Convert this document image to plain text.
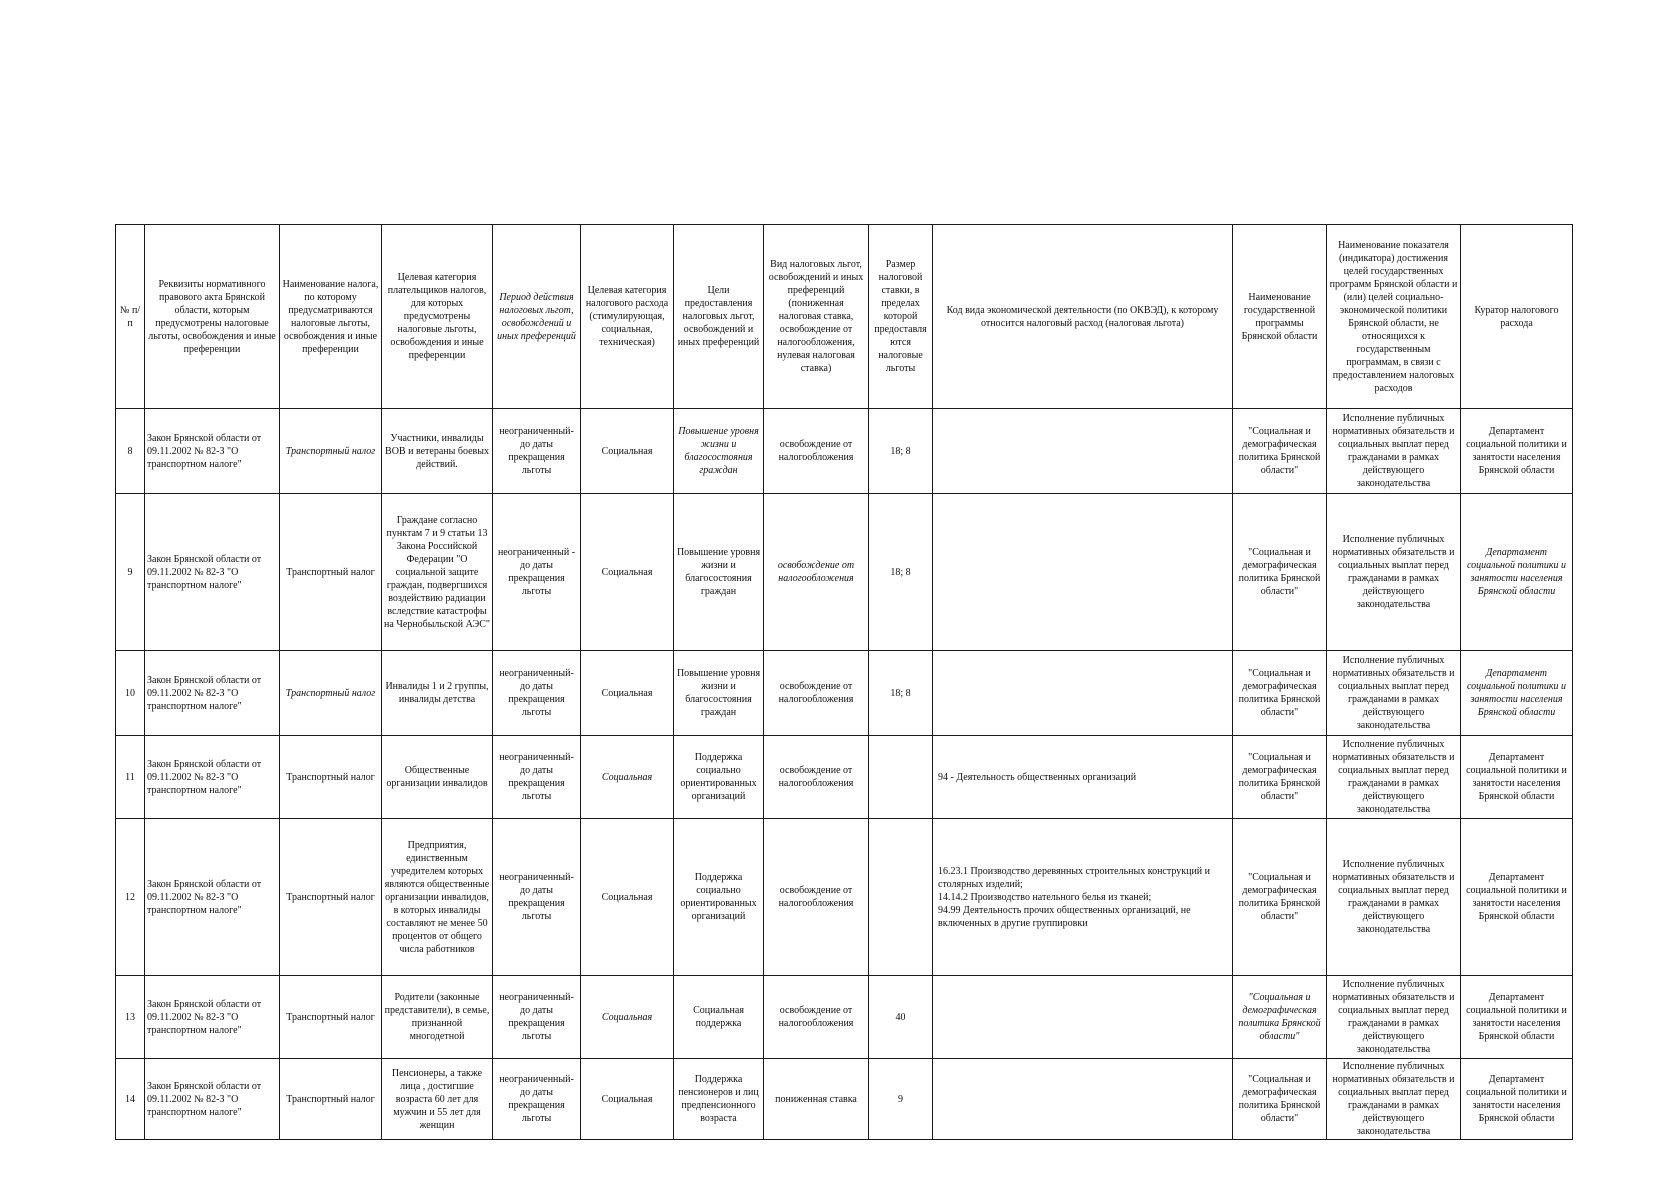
№ п/п	Реквизиты нормативного правового акта Брянской области, которым предусмотрены налоговые льготы, освобождения и иные преференции	Наименование налога, по которому предусматриваются налоговые льготы, освобождения и иные преференции	Целевая категория плательщиков налогов, для которых предусмотрены налоговые льготы, освобождения и иные преференции	Период действия налоговых льгот, освобождений и иных преференций	Целевая категория налогового расхода (стимулирующая, социальная, техническая)	Цели предоставления налоговых льгот, освобождений и иных преференций	Вид налоговых льгот, освобождений и иных преференций (пониженная налоговая ставка, освобождение от налогообложения, нулевая налоговая ставка)	Размер налоговой ставки, в пределах которой предоставляются налоговые льготы	Код вида экономической деятельности (по ОКВЭД), к которому относится налоговый расход (налоговая льгота)	Наименование государственной программы Брянской области	Наименование показателя (индикатора) достижения целей государственных программ Брянской области и (или) целей социально-экономической политики Брянской области, не относящихся к государственным программам, в связи с предоставлением налоговых расходов	Куратор налогового расхода
8	Закон Брянской области от 09.11.2002 № 82-З "О транспортном налоге"	Транспортный налог	Участники, инвалиды ВОВ и ветераны боевых действий.	неограниченный- до даты прекращения льготы	Социальная	Повышение уровня жизни и благосостояния граждан	освобождение от налогообложения	18; 8		"Социальная и демографическая политика Брянской области"	Исполнение публичных нормативных обязательств и социальных выплат перед гражданами в рамках действующего законодательства	Департамент социальной политики и занятости населения Брянской области
9	Закон Брянской области от 09.11.2002 № 82-З "О транспортном налоге"	Транспортный налог	Граждане согласно пунктам 7 и 9 статьи 13 Закона Российской Федерации "О социальной защите граждан, подвергшихся воздействию радиации вследствие катастрофы на Чернобыльской АЭС"	неограниченный - до даты прекращения льготы	Социальная	Повышение уровня жизни и благосостояния граждан	освобождение от налогообложения	18; 8		"Социальная и демографическая политика Брянской области"	Исполнение публичных нормативных обязательств и социальных выплат перед гражданами в рамках действующего законодательства	Департамент социальной политики и занятости населения Брянской области
10	Закон Брянской области от 09.11.2002 № 82-З "О транспортном налоге"	Транспортный налог	Инвалиды 1 и 2 группы, инвалиды детства	неограниченный- до даты прекращения льготы	Социальная	Повышение уровня жизни и благосостояния граждан	освобождение от налогообложения	18; 8		"Социальная и демографическая политика Брянской области"	Исполнение публичных нормативных обязательств и социальных выплат перед гражданами в рамках действующего законодательства	Департамент социальной политики и занятости населения Брянской области
11	Закон Брянской области от 09.11.2002 № 82-З "О транспортном налоге"	Транспортный налог	Общественные организации инвалидов	неограниченный- до даты прекращения льготы	Социальная	Поддержка социально ориентированных организаций	освобождение от налогообложения		94 - Деятельность общественных организаций	"Социальная и демографическая политика Брянской области"	Исполнение публичных нормативных обязательств и социальных выплат перед гражданами в рамках действующего законодательства	Департамент социальной политики и занятости населения Брянской области
12	Закон Брянской области от 09.11.2002 № 82-З "О транспортном налоге"	Транспортный налог	Предприятия, единственным учредителем которых являются общественные организации инвалидов, в которых инвалиды составляют не менее 50 процентов от общего числа работников	неограниченный- до даты прекращения льготы	Социальная	Поддержка социально ориентированных организаций	освобождение от налогообложения		16.23.1 Производство деревянных строительных конструкций и столярных изделий;
14.14.2 Производство нательного белья из тканей;
94.99 Деятельность прочих общественных организаций, не включенных в другие группировки	"Социальная и демографическая политика Брянской области"	Исполнение публичных нормативных обязательств и социальных выплат перед гражданами в рамках действующего законодательства	Департамент социальной политики и занятости населения Брянской области
13	Закон Брянской области от 09.11.2002 № 82-З "О транспортном налоге"	Транспортный налог	Родители (законные представители), в семье, признанной многодетной	неограниченный- до даты прекращения льготы	Социальная	Социальная поддержка	освобождение от налогообложения	40		"Социальная и демографическая политика Брянской области"	Исполнение публичных нормативных обязательств и социальных выплат перед гражданами в рамках действующего законодательства	Департамент социальной политики и занятости населения Брянской области
14	Закон Брянской области от 09.11.2002 № 82-З "О транспортном налоге"	Транспортный налог	Пенсионеры, а также лица , достигшие возраста 60 лет для мужчин и 55 лет для женщин	неограниченный- до даты прекращения льготы	Социальная	Поддержка пенсионеров и лиц предпенсионного возраста	пониженная ставка	9		"Социальная и демографическая политика Брянской области"	Исполнение публичных нормативных обязательств и социальных выплат перед гражданами в рамках действующего законодательства	Департамент социальной политики и занятости населения Брянской области
